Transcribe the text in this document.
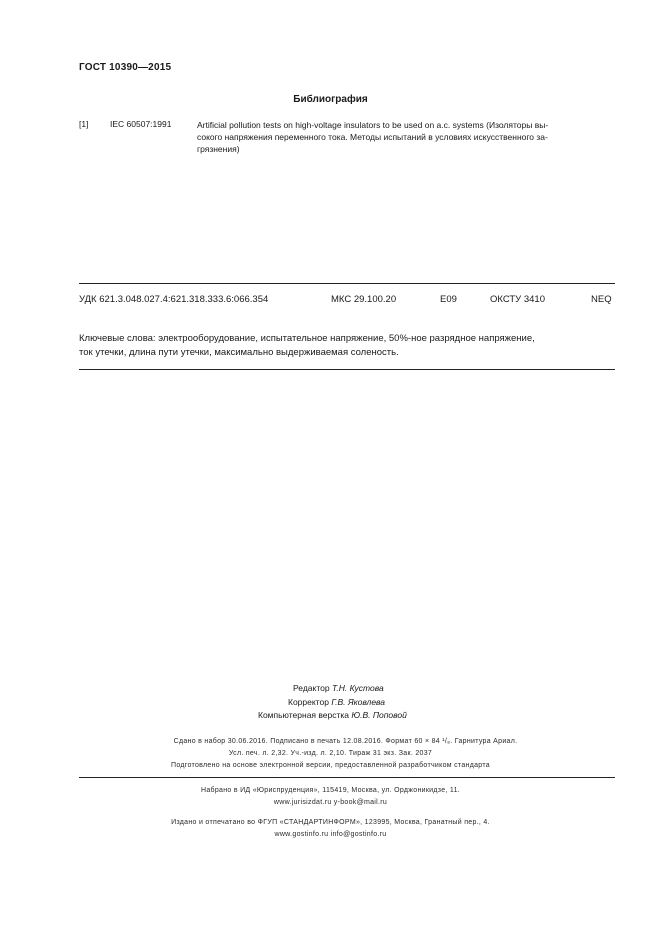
ГОСТ 10390—2015
Библиография
[1]	IEC 60507:1991	Artificial pollution tests on high-voltage insulators to be used on a.c. systems (Изоляторы вы-
сокого напряжения переменного тока. Методы испытаний в условиях искусственного за-
грязнения)
УДК 621.3.048.027.4:621.318.333.6:066.354	МКС 29.100.20	Е09	ОКСТУ 3410	NEQ
Ключевые слова: электрооборудование, испытательное напряжение, 50%-ное разрядное напряжение,
ток утечки, длина пути утечки, максимально выдерживаемая соленость.
Редактор Т.Н. Кустова
Корректор Г.В. Яковлева
Компьютерная верстка Ю.В. Поповой
Сдано в набор 30.06.2016. Подписано в печать 12.08.2016. Формат 60 × 84 ¹/₈. Гарнитура Ариал.
Усл. печ. л. 2,32. Уч.-изд. л. 2,10. Тираж 31 экз. Зак. 2037
Подготовлено на основе электронной версии, предоставленной разработчиком стандарта
Набрано в ИД «Юриспруденция», 115419, Москва, ул. Орджоникидзе, 11.
www.jurisizdat.ru y-book@mail.ru
Издано и отпечатано во ФГУП «СТАНДАРТИНФОРМ», 123995, Москва, Гранатный пер., 4.
www.gostinfo.ru info@gostinfo.ru
